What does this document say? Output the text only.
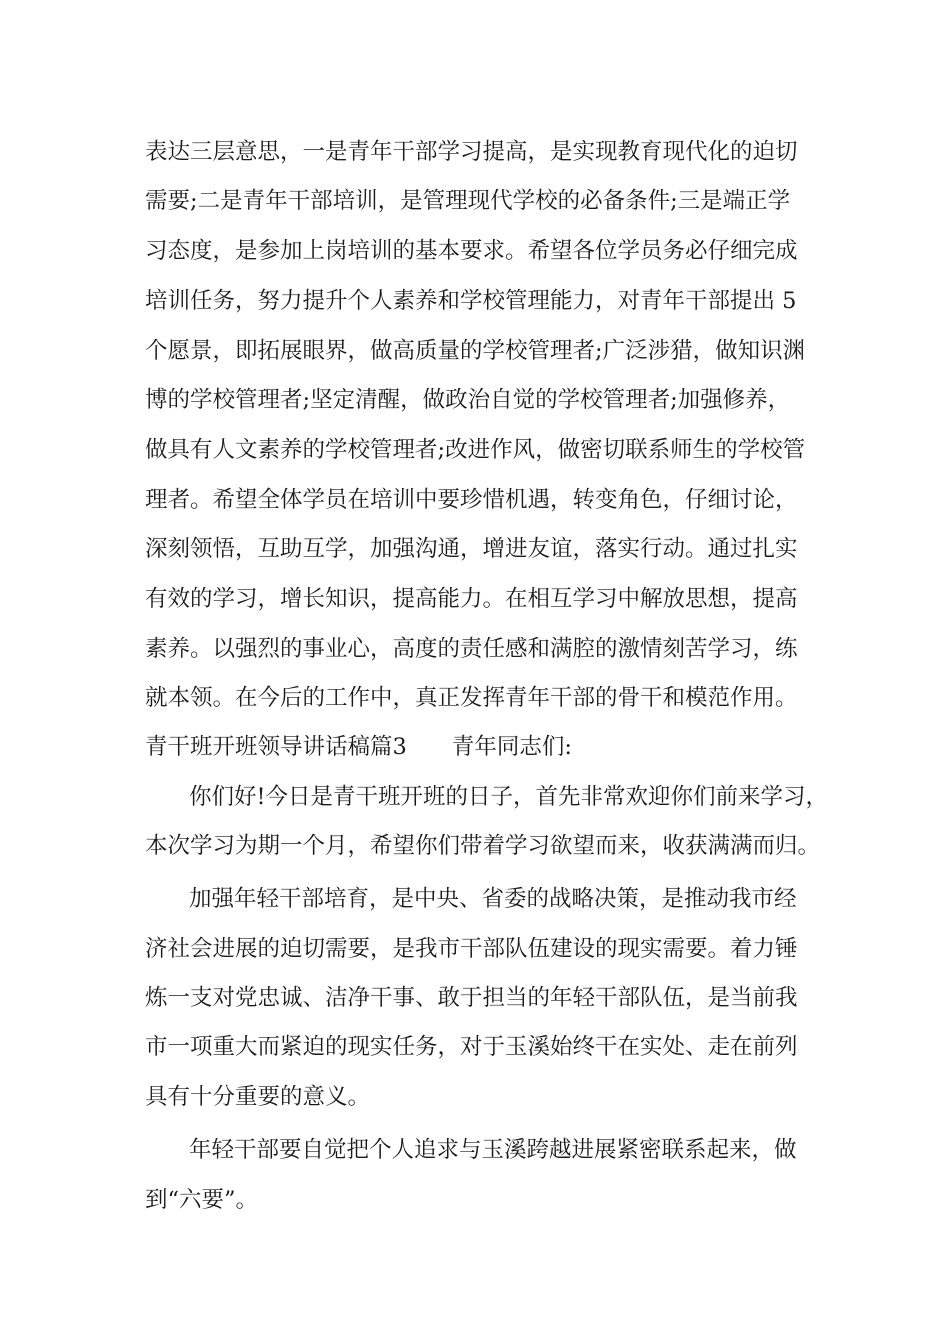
表达三层意思，一是青年干部学习提高，是实现教育现代化的迫切
需要;二是青年干部培训，是管理现代学校的必备条件;三是端正学
习态度，是参加上岗培训的基本要求。希望各位学员务必仔细完成
培训任务，努力提升个人素养和学校管理能力，对青年干部提出 5
个愿景，即拓展眼界，做高质量的学校管理者;广泛涉猎，做知识渊
博的学校管理者;坚定清醒，做政治自觉的学校管理者;加强修养，
做具有人文素养的学校管理者;改进作风，做密切联系师生的学校管
理者。希望全体学员在培训中要珍惜机遇，转变角色，仔细讨论，
深刻领悟，互助互学，加强沟通，增进友谊，落实行动。通过扎实
有效的学习，增长知识，提高能力。在相互学习中解放思想，提高
素养。以强烈的事业心，高度的责任感和满腔的激情刻苦学习，练
就本领。在今后的工作中，真正发挥青年干部的骨干和模范作用。
青干班开班领导讲话稿篇3　　青年同志们:
你们好!今日是青干班开班的日子，首先非常欢迎你们前来学习，
本次学习为期一个月，希望你们带着学习欲望而来，收获满满而归。
加强年轻干部培育，是中央、省委的战略决策，是推动我市经
济社会进展的迫切需要，是我市干部队伍建设的现实需要。着力锤
炼一支对党忠诚、洁净干事、敢于担当的年轻干部队伍，是当前我
市一项重大而紧迫的现实任务，对于玉溪始终干在实处、走在前列
具有十分重要的意义。
年轻干部要自觉把个人追求与玉溪跨越进展紧密联系起来，做
到“六要”。
